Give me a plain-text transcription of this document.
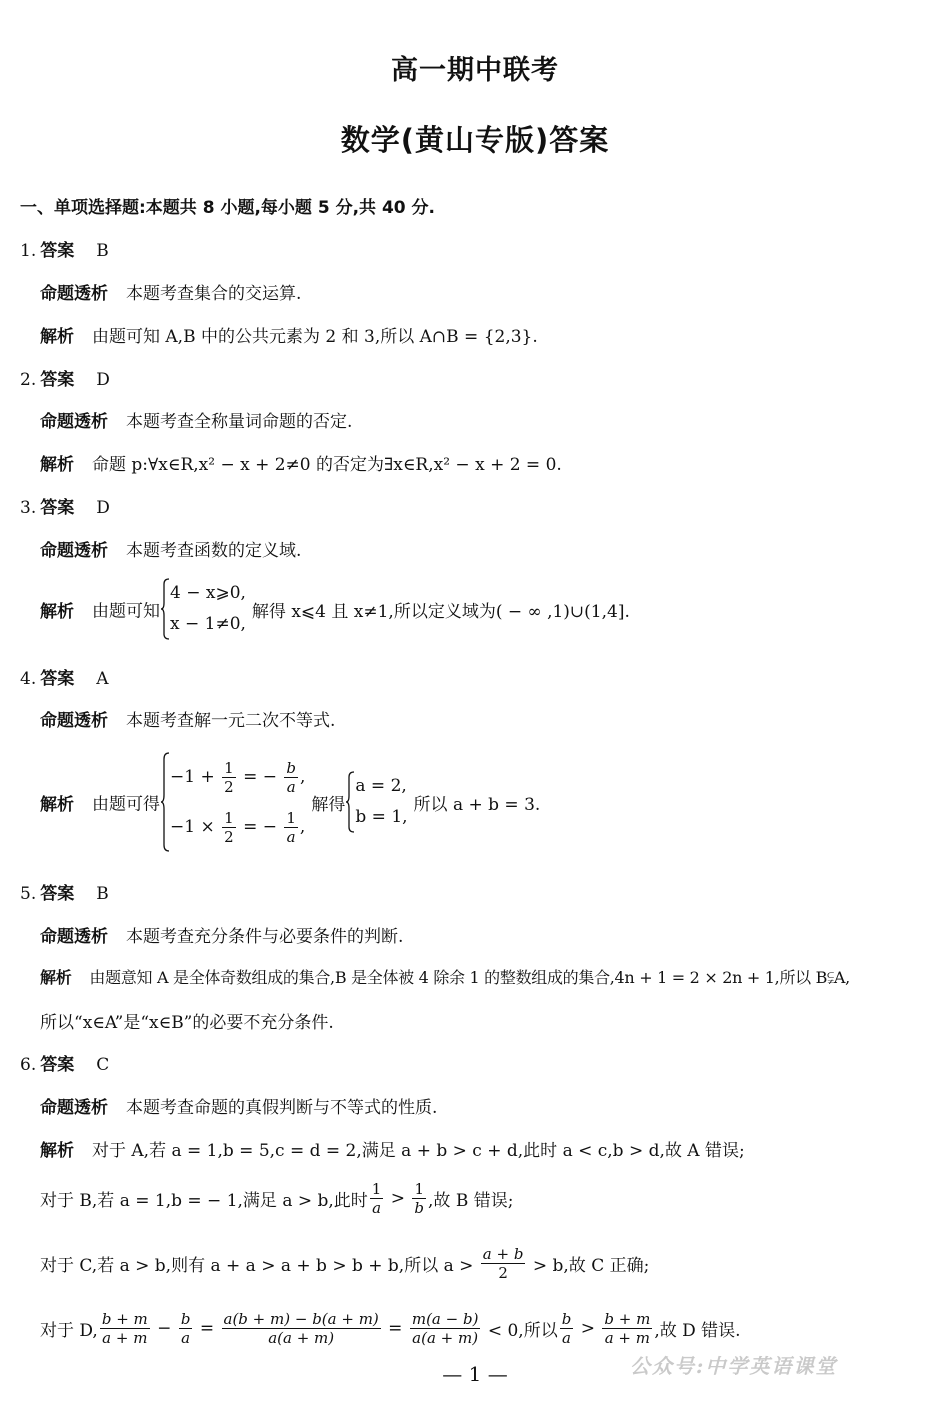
高一期中联考
数学(黄山专版)答案
一、单项选择题:本题共 8 小题,每小题 5 分,共 40 分.
1. 答案 B
命题透析 本题考查集合的交运算.
解析 由题可知 A,B 中的公共元素为 2 和 3,所以 A∩B = {2,3}.
2. 答案 D
命题透析 本题考查全称量词命题的否定.
解析 命题 p:∀x∈R,x² − x + 2≠0 的否定为∃x∈R,x² − x + 2 = 0.
3. 答案 D
命题透析 本题考查函数的定义域.
解析 由题可知
4 − x⩾0,
x − 1≠0,
解得 x⩽4 且 x≠1,所以定义域为( − ∞ ,1)∪(1,4].
4. 答案 A
命题透析 本题考查解一元二次不等式.
解析 由题可得
$-1 + \frac{1}{2}$ = − $\frac{b}{a}$ ,
$-1 \times \frac{1}{2}$ = − $\frac{1}{a}$ ,
解得
a = 2,
b = 1,
所以 a + b = 3.
5. 答案 B
命题透析 本题考查充分条件与必要条件的判断.
解析 由题意知 A 是全体奇数组成的集合,B 是全体被 4 除余 1 的整数组成的集合,4n + 1 = 2 × 2n + 1,所以 B⫋A,
所以“x∈A”是“x∈B”的必要不充分条件.
6. 答案 C
命题透析 本题考查命题的真假判断与不等式的性质.
解析 对于 A,若 a = 1,b = 5,c = d = 2,满足 a + b > c + d,此时 a < c,b > d,故 A 错误;
对于 B,若 a = 1,b = − 1,满足 a > b,此时 $\frac{1}{a} > \frac{1}{b}$ ,故 B 错误;
对于 C,若 a > b,则有 a + a > a + b > b + b,所以 $a > \frac{a + b}{2} > b$,故 C 正确;
对于 D, $\frac{b + m}{a + m} - \frac{b}{a} = \frac{a(b + m) - b(a + m)}{a(a + m)} = \frac{m(a - b)}{a(a + m)} < 0$,所以 $\frac{b}{a} > \frac{b + m}{a + m}$ ,故 D 错误.
公众号:中学英语课堂
— 1 —
